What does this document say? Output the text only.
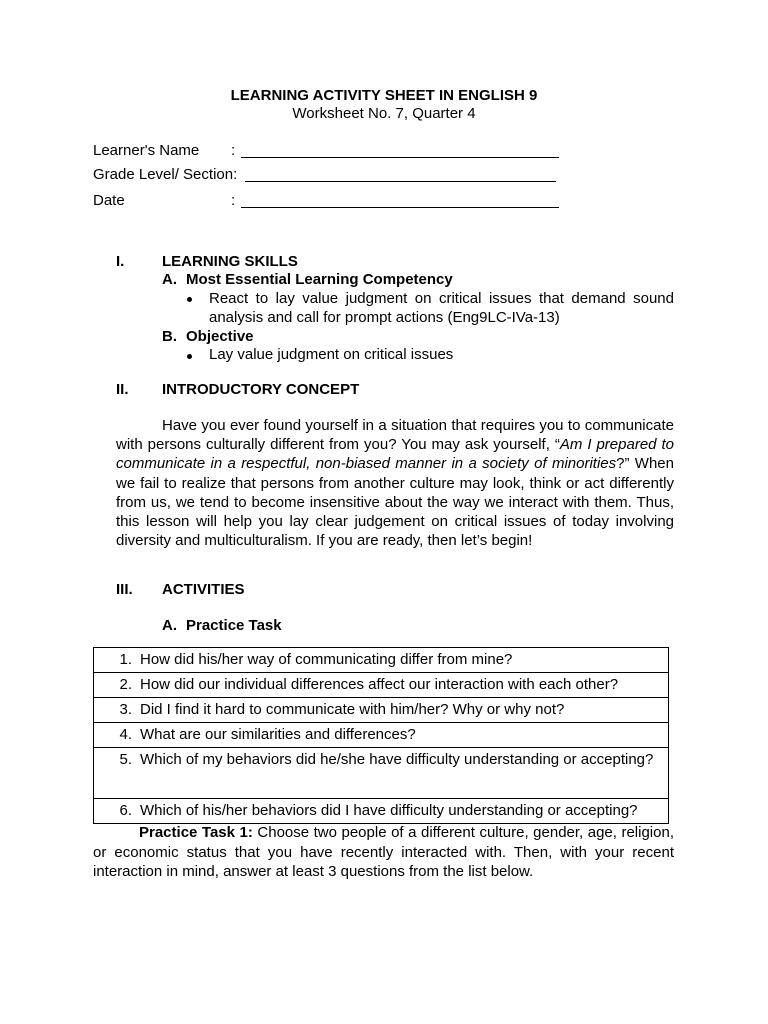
LEARNING ACTIVITY SHEET IN ENGLISH 9
Worksheet No. 7, Quarter 4
Learner's Name :
Grade Level/ Section:
Date	:
I.	LEARNING SKILLS
A. Most Essential Learning Competency
React to lay value judgment on critical issues that demand sound analysis and call for prompt actions (Eng9LC-IVa-13)
B. Objective
Lay value judgment on critical issues
II. INTRODUCTORY CONCEPT
Have you ever found yourself in a situation that requires you to communicate with persons culturally different from you? You may ask yourself, “Am I prepared to communicate in a respectful, non-biased manner in a society of minorities?” When we fail to realize that persons from another culture may look, think or act differently from us, we tend to become insensitive about the way we interact with them. Thus, this lesson will help you lay clear judgement on critical issues of today involving diversity and multiculturalism. If you are ready, then let’s begin!
III. ACTIVITIES
A. Practice Task
1. How did his/her way of communicating differ from mine?

2. How did our individual differences affect our interaction with each other?

3. Did I find it hard to communicate with him/her? Why or why not?

4. What are our similarities and differences?

5. Which of my behaviors did he/she have difficulty understanding or accepting?

6. Which of his/her behaviors did I have difficulty understanding or accepting?
Practice Task 1: Choose two people of a different culture, gender, age, religion, or economic status that you have recently interacted with. Then, with your recent interaction in mind, answer at least 3 questions from the list below.
